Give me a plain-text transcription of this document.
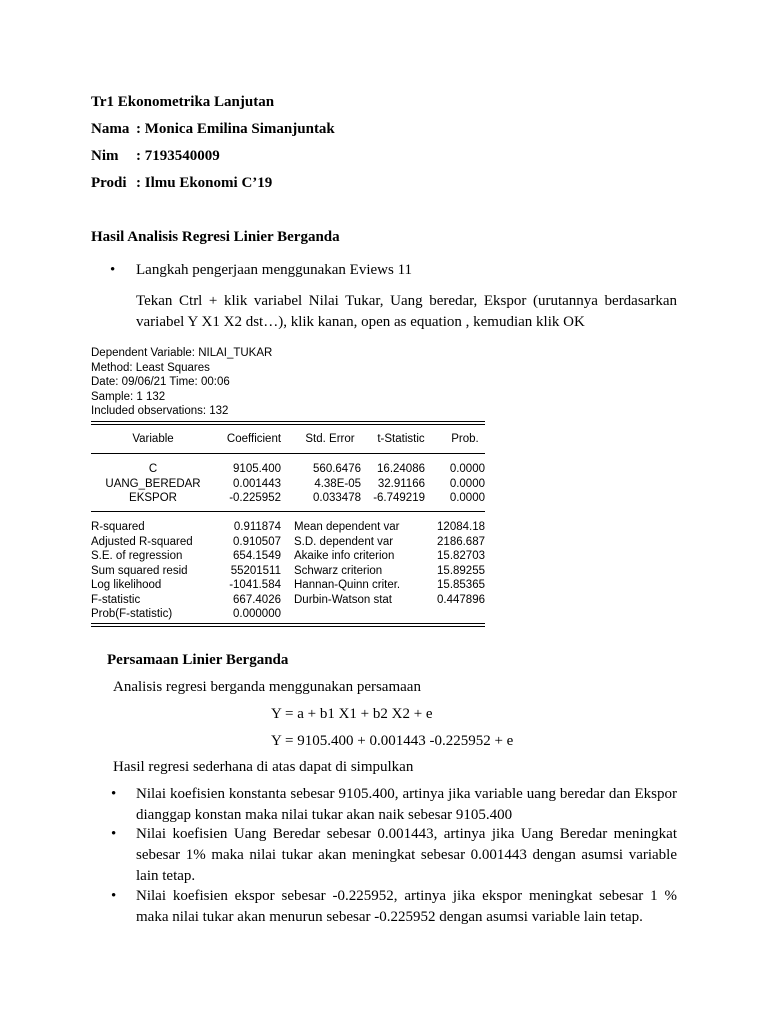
Tr1 Ekonometrika Lanjutan
Nama : Monica Emilina Simanjuntak
Nim : 7193540009
Prodi : Ilmu Ekonomi C’19
Hasil Analisis Regresi Linier Berganda
• Langkah pengerjaan menggunakan Eviews 11
Tekan Ctrl + klik variabel Nilai Tukar, Uang beredar, Ekspor (urutannya berdasarkan
variabel Y X1 X2 dst…), klik kanan, open as equation , kemudian klik OK
Dependent Variable: NILAI_TUKAR
Method: Least Squares
Date: 09/06/21 Time: 00:06
Sample: 1 132
Included observations: 132
Variable	Coefficient	Std. Error	t-Statistic	Prob.
C	9105.400	560.6476	16.24086	0.0000
UANG_BEREDAR	0.001443	4.38E-05	32.91166	0.0000
EKSPOR	-0.225952	0.033478	-6.749219	0.0000
R-squared	0.911874 Mean dependent var	12084.18
Adjusted R-squared	0.910507 S.D. dependent var	2186.687
S.E. of regression	654.1549 Akaike info criterion	15.82703
Sum squared resid	55201511 Schwarz criterion	15.89255
Log likelihood	-1041.584 Hannan-Quinn criter.	15.85365
F-statistic	667.4026 Durbin-Watson stat	0.447896
Prob(F-statistic)	0.000000
Persamaan Linier Berganda
Analisis regresi berganda menggunakan persamaan
Y = a + b1 X1 + b2 X2 + e
Y = 9105.400 + 0.001443 -0.225952 + e
Hasil regresi sederhana di atas dapat di simpulkan
• Nilai koefisien konstanta sebesar 9105.400, artinya jika variable uang beredar dan Ekspor
dianggap konstan maka nilai tukar akan naik sebesar 9105.400
• Nilai koefisien Uang Beredar sebesar 0.001443, artinya jika Uang Beredar meningkat
sebesar 1% maka nilai tukar akan meningkat sebesar 0.001443 dengan asumsi variable
lain tetap.
• Nilai koefisien ekspor sebesar -0.225952, artinya jika ekspor meningkat sebesar 1 %
maka nilai tukar akan menurun sebesar -0.225952 dengan asumsi variable lain tetap.
